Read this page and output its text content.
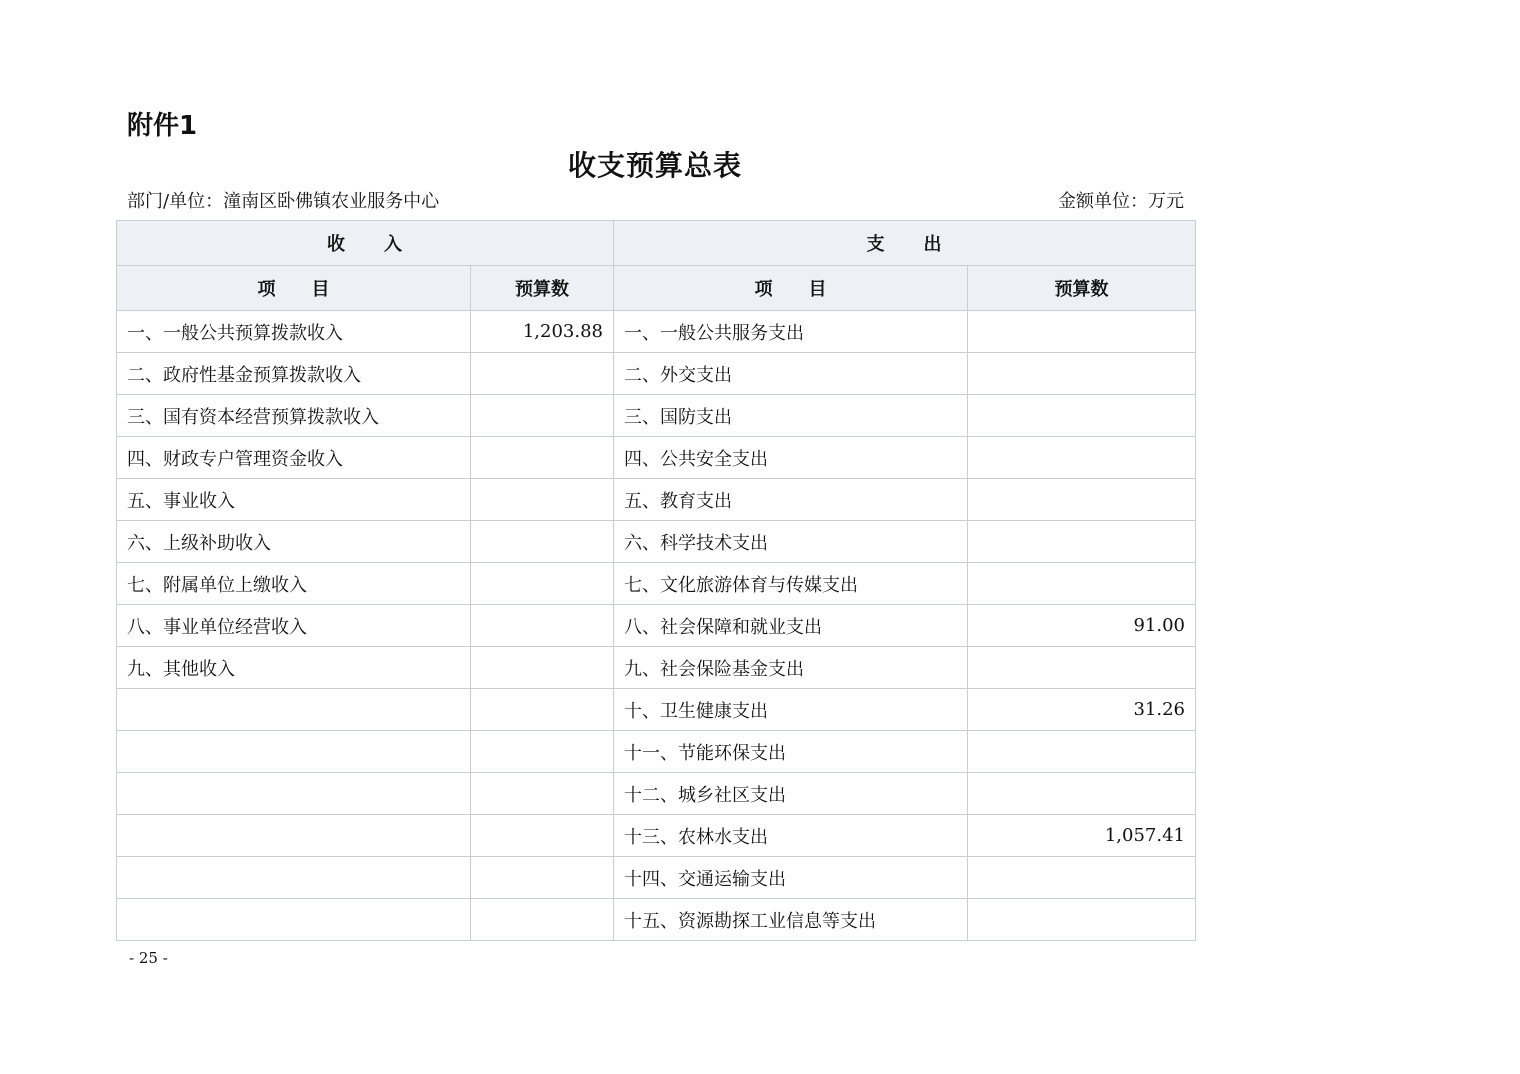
附件1
收支预算总表
部门/单位：潼南区卧佛镇农业服务中心	金额单位：万元
收　　入		支　　出	
项　　目	预算数	项　　目	预算数
一、一般公共预算拨款收入	1,203.88	一、一般公共服务支出	
二、政府性基金预算拨款收入		二、外交支出	
三、国有资本经营预算拨款收入		三、国防支出	
四、财政专户管理资金收入		四、公共安全支出	
五、事业收入		五、教育支出	
六、上级补助收入		六、科学技术支出	
七、附属单位上缴收入		七、文化旅游体育与传媒支出	
八、事业单位经营收入		八、社会保障和就业支出	91.00
九、其他收入		九、社会保险基金支出	
		十、卫生健康支出	31.26
		十一、节能环保支出	
		十二、城乡社区支出	
		十三、农林水支出	1,057.41
		十四、交通运输支出	
		十五、资源勘探工业信息等支出	
- 25 -
